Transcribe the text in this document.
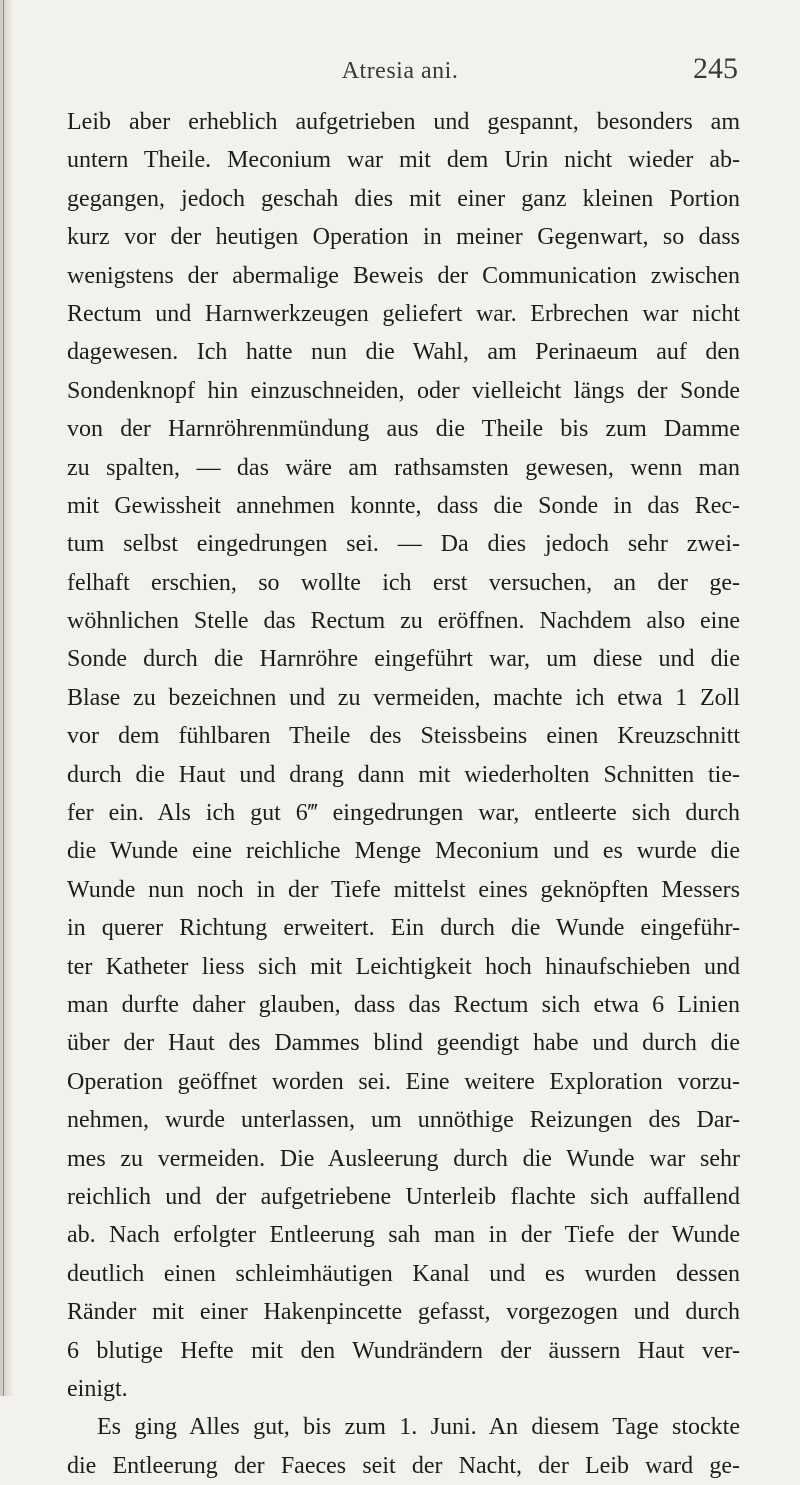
Atresia ani.	245
Leib aber erheblich aufgetrieben und gespannt, besonders am
untern Theile. Meconium war mit dem Urin nicht wieder ab-
gegangen, jedoch geschah dies mit einer ganz kleinen Portion
kurz vor der heutigen Operation in meiner Gegenwart, so dass
wenigstens der abermalige Beweis der Communication zwischen
Rectum und Harnwerkzeugen geliefert war. Erbrechen war nicht
dagewesen. Ich hatte nun die Wahl, am Perinaeum auf den
Sondenknopf hin einzuschneiden, oder vielleicht längs der Sonde
von der Harnröhrenmündung aus die Theile bis zum Damme
zu spalten, — das wäre am rathsamsten gewesen, wenn man
mit Gewissheit annehmen konnte, dass die Sonde in das Rec-
tum selbst eingedrungen sei. — Da dies jedoch sehr zwei-
felhaft erschien, so wollte ich erst versuchen, an der ge-
wöhnlichen Stelle das Rectum zu eröffnen. Nachdem also eine
Sonde durch die Harnröhre eingeführt war, um diese und die
Blase zu bezeichnen und zu vermeiden, machte ich etwa 1 Zoll
vor dem fühlbaren Theile des Steissbeins einen Kreuzschnitt
durch die Haut und drang dann mit wiederholten Schnitten tie-
fer ein. Als ich gut 6‴ eingedrungen war, entleerte sich durch
die Wunde eine reichliche Menge Meconium und es wurde die
Wunde nun noch in der Tiefe mittelst eines geknöpften Messers
in querer Richtung erweitert. Ein durch die Wunde eingeführ-
ter Katheter liess sich mit Leichtigkeit hoch hinaufschieben und
man durfte daher glauben, dass das Rectum sich etwa 6 Linien
über der Haut des Dammes blind geendigt habe und durch die
Operation geöffnet worden sei. Eine weitere Exploration vorzu-
nehmen, wurde unterlassen, um unnöthige Reizungen des Dar-
mes zu vermeiden. Die Ausleerung durch die Wunde war sehr
reichlich und der aufgetriebene Unterleib flachte sich auffallend
ab. Nach erfolgter Entleerung sah man in der Tiefe der Wunde
deutlich einen schleimhäutigen Kanal und es wurden dessen
Ränder mit einer Hakenpincette gefasst, vorgezogen und durch
6 blutige Hefte mit den Wundrändern der äussern Haut ver-
einigt.
Es ging Alles gut, bis zum 1. Juni. An diesem Tage stockte
die Entleerung der Faeces seit der Nacht, der Leib ward ge-
